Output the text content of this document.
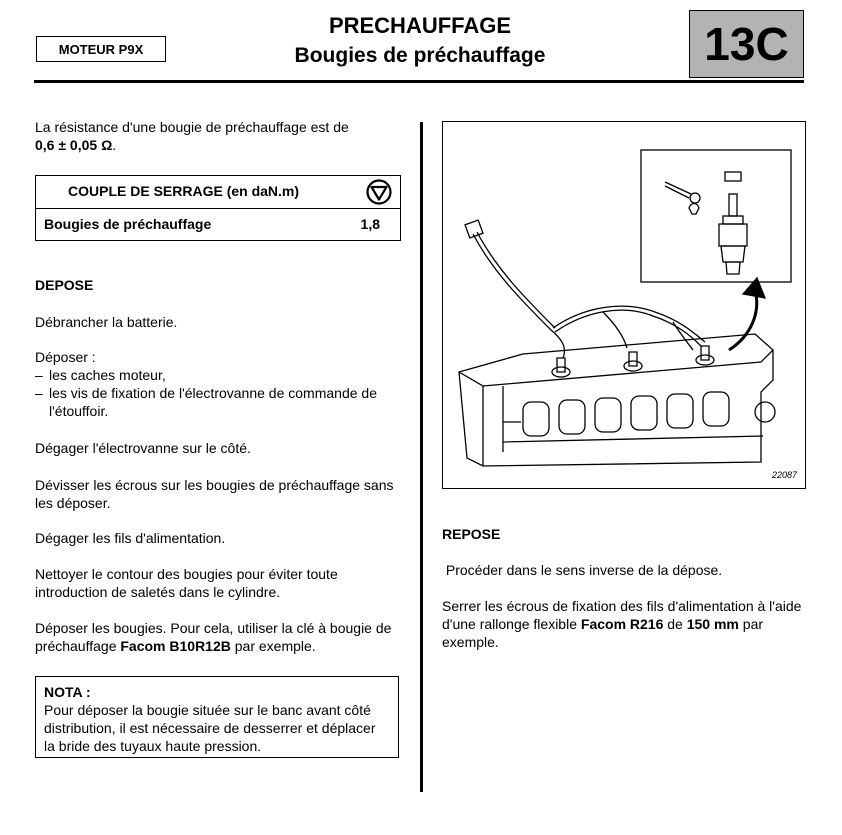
MOTEUR P9X
PRECHAUFFAGE
Bougies de préchauffage	13C
La résistance d'une bougie de préchauffage est de
0,6 ± 0,05 Ω.
COUPLE DE SERRAGE (en daN.m)
Bougies de préchauffage	1,8
DEPOSE
Débrancher la batterie.
Déposer :
– les caches moteur,
– les vis de fixation de l'électrovanne de commande de l'étouffoir.
Dégager l'électrovanne sur le côté.
Dévisser les écrous sur les bougies de préchauffage sans les déposer.
Dégager les fils d'alimentation.
Nettoyer le contour des bougies pour éviter toute introduction de saletés dans le cylindre.
Déposer les bougies. Pour cela, utiliser la clé à bougie de préchauffage Facom B10R12B par exemple.
NOTA :
Pour déposer la bougie située sur le banc avant côté distribution, il est nécessaire de desserrer et déplacer la bride des tuyaux haute pression.
22087
REPOSE
Procéder dans le sens inverse de la dépose.
Serrer les écrous de fixation des fils d'alimentation à l'aide d'une rallonge flexible Facom R216 de 150 mm par exemple.
